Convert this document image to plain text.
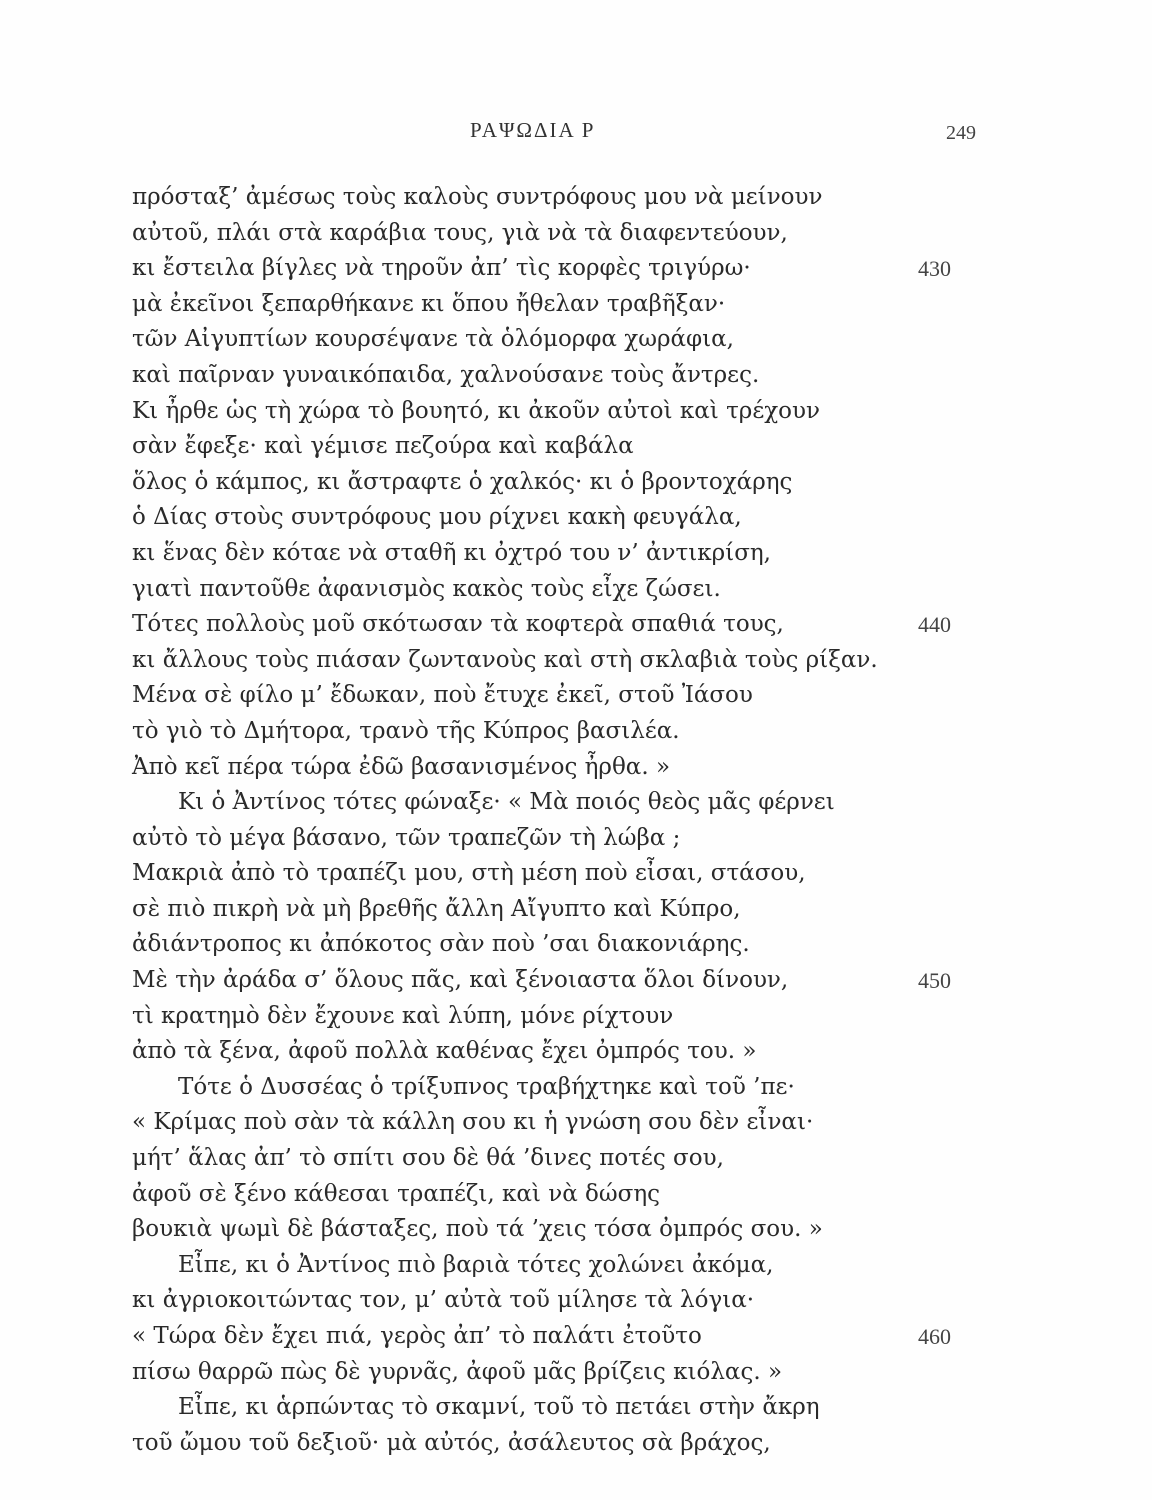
ΡΑΨΩΔΙΑ Ρ	249
πρόσταξ’ ἀμέσως τοὺς καλοὺς συντρόφους μου νὰ μείνουν
αὐτοῦ, πλάι στὰ καράβια τους, γιὰ νὰ τὰ διαφεντεύουν,
κι ἔστειλα βίγλες νὰ τηροῦν ἀπ’ τὶς κορφὲς τριγύρω·	430
μὰ ἐκεῖνοι ξεπαρθήκανε κι ὅπου ἤθελαν τραβῆξαν·
τῶν Αἰγυπτίων κουρσέψανε τὰ ὁλόμορφα χωράφια,
καὶ παῖρναν γυναικόπαιδα, χαλνούσανε τοὺς ἄντρες.
Κι ἦρθε ὡς τὴ χώρα τὸ βουητό, κι ἀκοῦν αὐτοὶ καὶ τρέχουν
σὰν ἔφεξε· καὶ γέμισε πεζούρα καὶ καβάλα
ὅλος ὁ κάμπος, κι ἄστραφτε ὁ χαλκός· κι ὁ βροντοχάρης
ὁ Δίας στοὺς συντρόφους μου ρίχνει κακὴ φευγάλα,
κι ἕνας δὲν κόταε νὰ σταθῆ κι ὀχτρό του ν’ ἀντικρίση,
γιατὶ παντοῦθε ἀφανισμὸς κακὸς τοὺς εἶχε ζώσει.
Τότες πολλοὺς μοῦ σκότωσαν τὰ κοφτερὰ σπαθιά τους,	440
κι ἄλλους τοὺς πιάσαν ζωντανοὺς καὶ στὴ σκλαβιὰ τοὺς ρίξαν.
Μένα σὲ φίλο μ’ ἔδωκαν, ποὺ ἔτυχε ἐκεῖ, στοῦ Ἰάσου
τὸ γιὸ τὸ Δμήτορα, τρανὸ τῆς Κύπρος βασιλέα.
Ἀπὸ κεῖ πέρα τώρα ἐδῶ βασανισμένος ἦρθα. »
Κι ὁ Ἀντίνος τότες φώναξε· « Μὰ ποιός θεὸς μᾶς φέρνει
αὐτὸ τὸ μέγα βάσανο, τῶν τραπεζῶν τὴ λώβα ;
Μακριὰ ἀπὸ τὸ τραπέζι μου, στὴ μέση ποὺ εἶσαι, στάσου,
σὲ πιὸ πικρὴ νὰ μὴ βρεθῆς ἄλλη Αἴγυπτο καὶ Κύπρο,
ἀδιάντροπος κι ἀπόκοτος σὰν ποὺ ’σαι διακονιάρης.
Μὲ τὴν ἀράδα σ’ ὅλους πᾶς, καὶ ξένοιαστα ὅλοι δίνουν,	450
τὶ κρατημὸ δὲν ἔχουνε καὶ λύπη, μόνε ρίχτουν
ἀπὸ τὰ ξένα, ἀφοῦ πολλὰ καθένας ἔχει ὀμπρός του. »
Τότε ὁ Δυσσέας ὁ τρίξυπνος τραβήχτηκε καὶ τοῦ ’πε·
« Κρίμας ποὺ σὰν τὰ κάλλη σου κι ἡ γνώση σου δὲν εἶναι·
μήτ’ ἅλας ἀπ’ τὸ σπίτι σου δὲ θά ’δινες ποτές σου,
ἀφοῦ σὲ ξένο κάθεσαι τραπέζι, καὶ νὰ δώσης
βουκιὰ ψωμὶ δὲ βάσταξες, ποὺ τά ’χεις τόσα ὀμπρός σου. »
Εἶπε, κι ὁ Ἀντίνος πιὸ βαριὰ τότες χολώνει ἀκόμα,
κι ἀγριοκοιτώντας τον, μ’ αὐτὰ τοῦ μίλησε τὰ λόγια·
« Τώρα δὲν ἔχει πιά, γερὸς ἀπ’ τὸ παλάτι ἐτοῦτο	460
πίσω θαρρῶ πὼς δὲ γυρνᾶς, ἀφοῦ μᾶς βρίζεις κιόλας. »
Εἶπε, κι ἁρπώντας τὸ σκαμνί, τοῦ τὸ πετάει στὴν ἄκρη
τοῦ ὤμου τοῦ δεξιοῦ· μὰ αὐτός, ἀσάλευτος σὰ βράχος,
